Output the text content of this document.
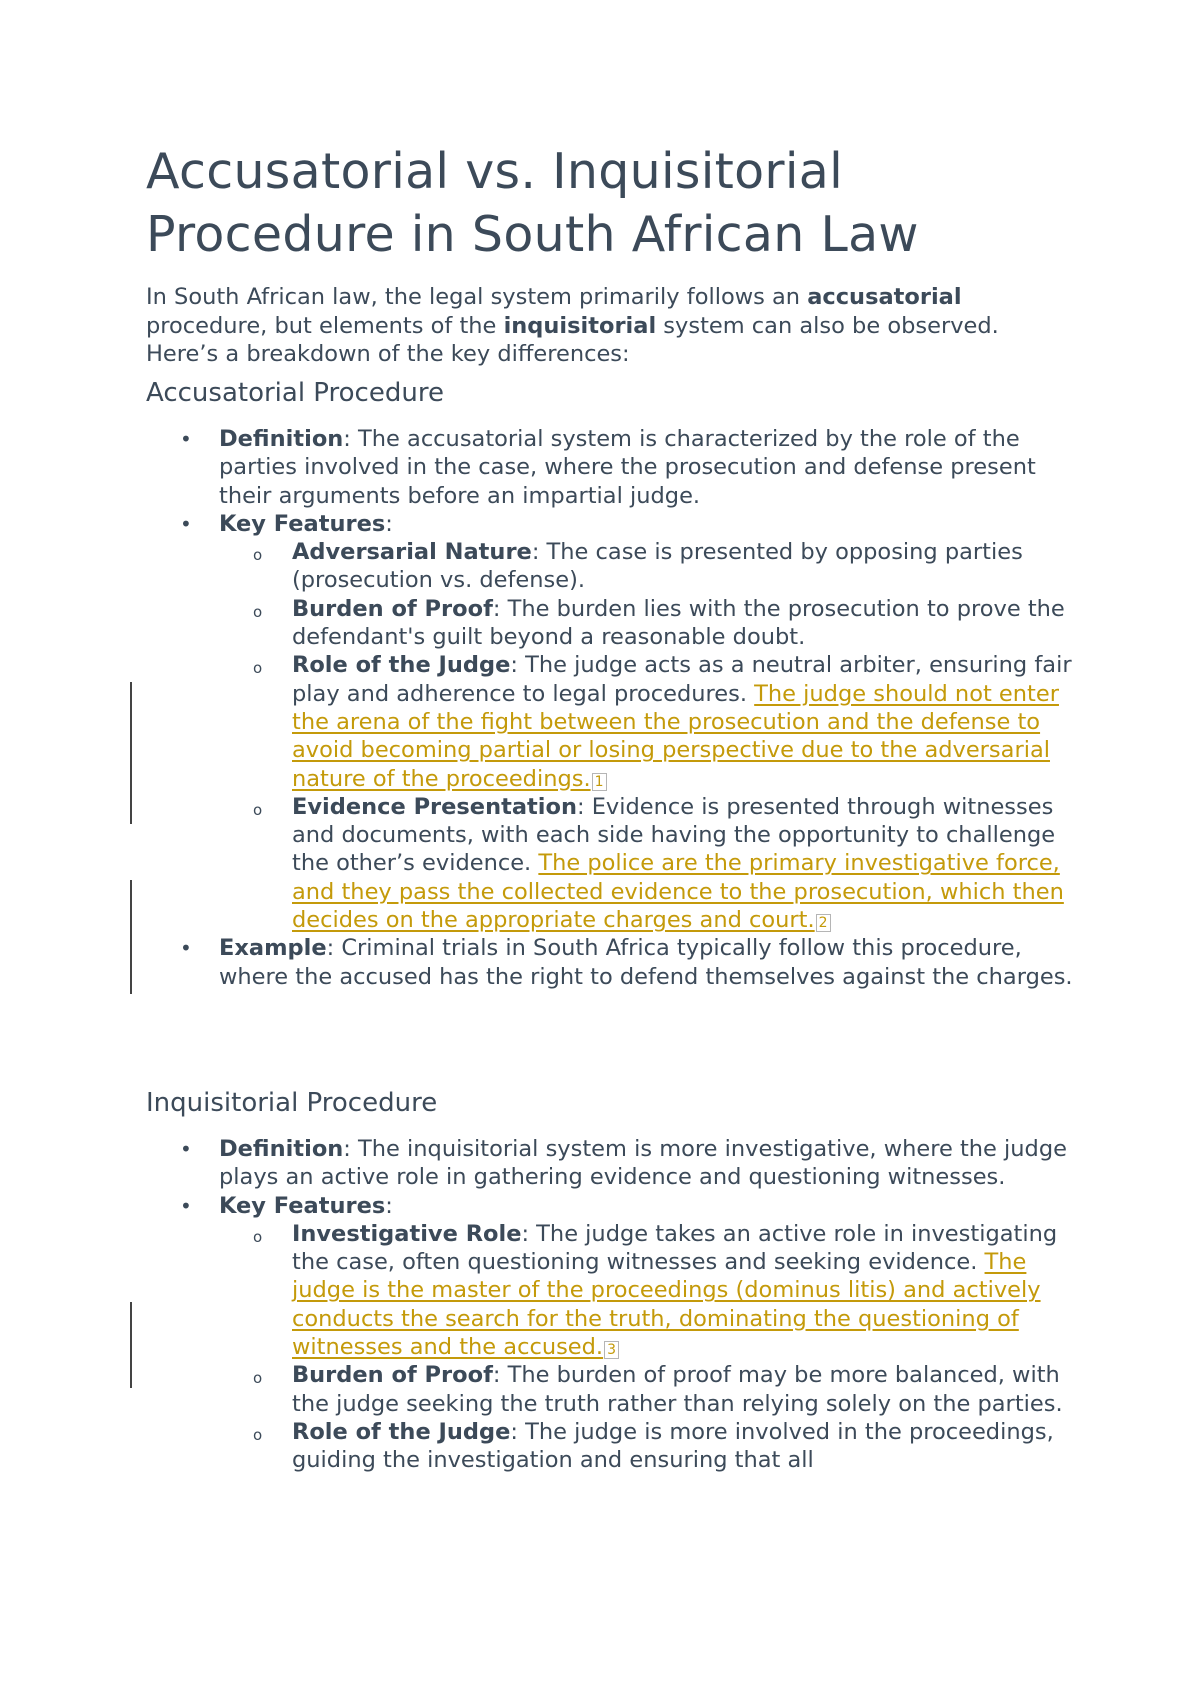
Accusatorial vs. Inquisitorial Procedure in South African Law

In South African law, the legal system primarily follows an accusatorial procedure, but elements of the inquisitorial system can also be observed. Here’s a breakdown of the key differences:

Accusatorial Procedure
• Definition: The accusatorial system is characterized by the role of the parties involved in the case, where the prosecution and defense present their arguments before an impartial judge.
• Key Features:
o Adversarial Nature: The case is presented by opposing parties (prosecution vs. defense).
o Burden of Proof: The burden lies with the prosecution to prove the defendant's guilt beyond a reasonable doubt.
o Role of the Judge: The judge acts as a neutral arbiter, ensuring fair play and adherence to legal procedures. The judge should not enter the arena of the fight between the prosecution and the defense to avoid becoming partial or losing perspective due to the adversarial nature of the proceedings. 1
o Evidence Presentation: Evidence is presented through witnesses and documents, with each side having the opportunity to challenge the other’s evidence. The police are the primary investigative force, and they pass the collected evidence to the prosecution, which then decides on the appropriate charges and court. 2
• Example: Criminal trials in South Africa typically follow this procedure, where the accused has the right to defend themselves against the charges.
Inquisitorial Procedure
• Definition: The inquisitorial system is more investigative, where the judge plays an active role in gathering evidence and questioning witnesses.
• Key Features:
o Investigative Role: The judge takes an active role in investigating the case, often questioning witnesses and seeking evidence. The judge is the master of the proceedings (dominus litis) and actively conducts the search for the truth, dominating the questioning of witnesses and the accused. 3
o Burden of Proof: The burden of proof may be more balanced, with the judge seeking the truth rather than relying solely on the parties.
o Role of the Judge: The judge is more involved in the proceedings, guiding the investigation and ensuring that all
